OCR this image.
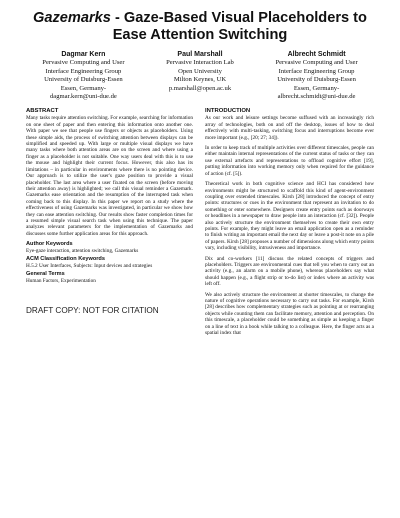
Gazemarks - Gaze-Based Visual Placeholders to Ease Attention Switching
Dagmar Kern
Pervasive Computing and User
Interface Engineering Group
University of Duisburg-Essen
Essen, Germany-
dagmar.kern@uni-due.de
Paul Marshall
Pervasive Interaction Lab
Open University
Milton Keynes, UK
p.marshall@open.ac.uk
Albrecht Schmidt
Pervasive Computing and User
Interface Engineering Group
University of Duisburg-Essen
Essen, Germany-
albrecht.schmidt@uni-due.de
ABSTRACT

Many tasks require attention switching. For example, searching for information on one sheet of paper and then entering this information onto another one. With paper we see that people use fingers or objects as placeholders. Using these simple aids, the process of switching attention between displays can be simplified and speeded up. With large or multiple visual displays we have many tasks where both attention areas are on the screen and where using a finger as a placeholder is not suitable. One way users deal with this is to use the mouse and highlight their current focus. However, this also has its limitations – in particular in environments where there is no pointing device. Our approach is to utilize the user's gaze position to provide a visual placeholder. The last area where a user fixated on the screen (before moving their attention away) is highlighted; we call this visual reminder a Gazemark. Gazemarks ease orientation and the resumption of the interrupted task when coming back to this display. In this paper we report on a study where the effectiveness of using Gazemarks was investigated, in particular we show how they can ease attention switching. Our results show faster completion times for a resumed simple visual search task when using this technique. The paper analyzes relevant parameters for the implementation of Gazemarks and discusses some further application areas for this approach.

Author Keywords

Eye-gaze interaction, attention switching, Gazemarks

ACM Classification Keywords

H.5.2 User Interfaces, Subjects: Input devices and strategies

General Terms

Human Factors, Experimentation

DRAFT COPY: NOT FOR CITATION
INTRODUCTION

As our work and leisure settings become suffused with an increasingly rich array of technologies, both on and off the desktop, issues of how to deal effectively with multi-tasking, switching focus and interruptions become ever more important (e.g., [20; 27; 34]).

In order to keep track of multiple activities over different timescales, people can either maintain internal representations of the current status of tasks or they can use external artefacts and representations to offload cognitive effort [19], putting information into working memory only when required for the guidance of action (cf. [5]).

Theoretical work in both cognitive science and HCI has considered how environments might be structured to scaffold this kind of agent-environment coupling over extended timescales. Kirsh [28] introduced the concept of entry points: structures or cues in the environment that represent an invitation to do something or enter somewhere. Designers create entry points such as doorways or headlines in a newspaper to draw people into an interaction (cf. [32]). People also actively structure the environment themselves to create their own entry points. For example, they might leave an email application open as a reminder to finish writing an important email the next day or leave a post-it note on a pile of papers. Kirsh [28] proposes a number of dimensions along which entry points vary, including visibility, intrusiveness and importance.

Dix and co-workers [11] discuss the related concepts of triggers and placeholders. Triggers are environmental cues that tell you when to carry out an activity (e.g., an alarm on a mobile phone), whereas placeholders say what should happen (e.g., a flight strip or to-do list) or index where an activity was left off.

We also actively structure the environment at shorter timescales, to change the nature of cognitive operations necessary to carry out tasks. For example, Kirsh [28] describes how complementary strategies such as pointing at or rearranging objects while counting them can facilitate memory, attention and perception. On this timescale, a placeholder could be something as simple as keeping a finger on a line of text in a book while talking to a colleague. Here, the finger acts as a spatial index that
